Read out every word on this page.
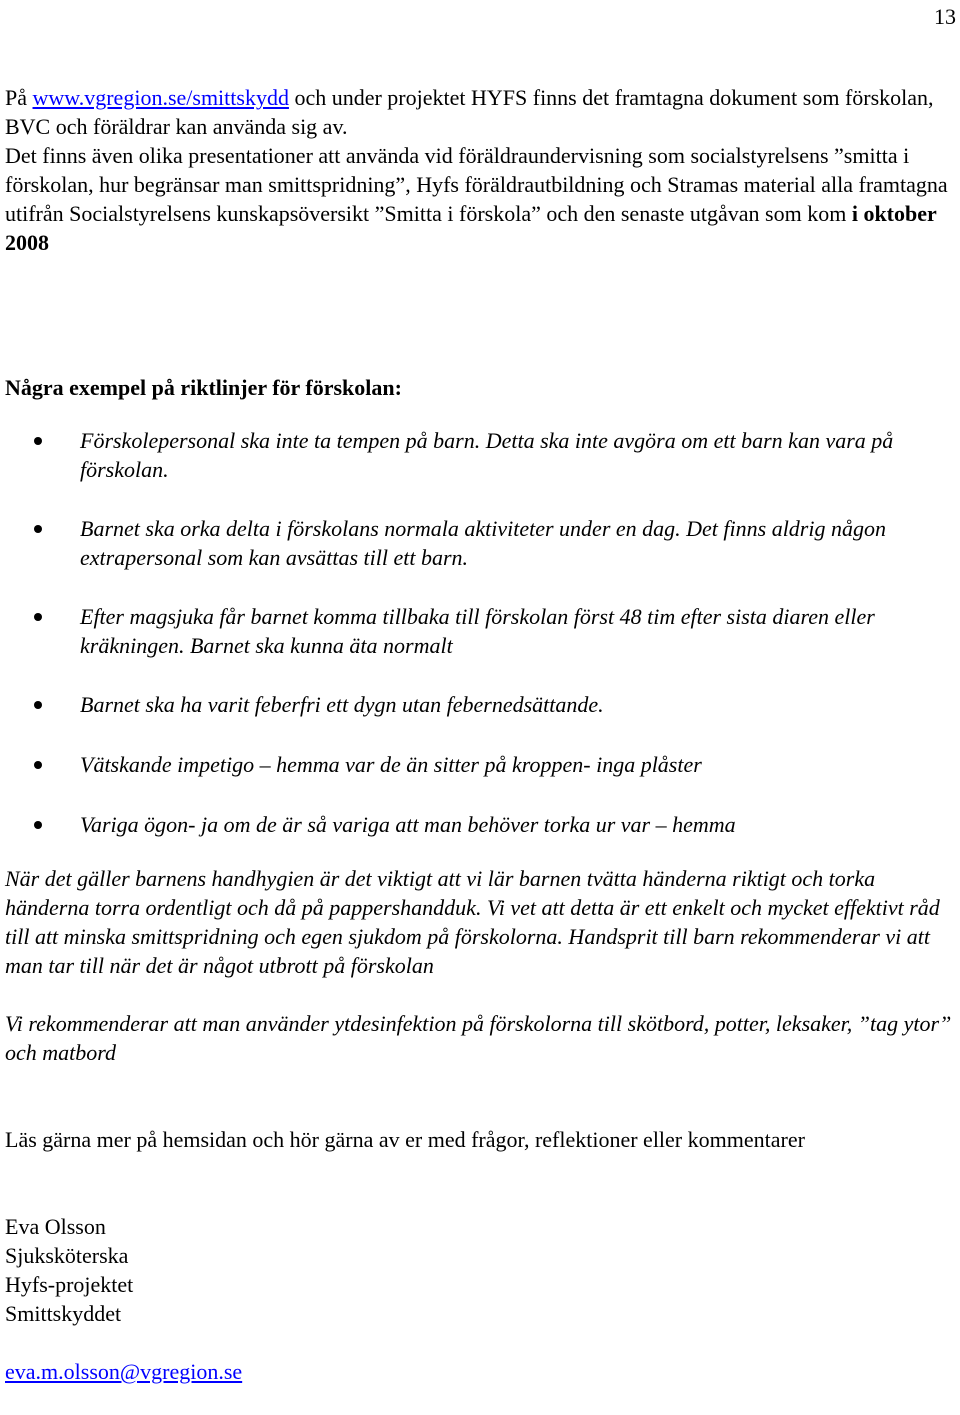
13

På www.vgregion.se/smittskydd och under projektet HYFS finns det framtagna dokument som förskolan, BVC och föräldrar kan använda sig av.

Det finns även olika presentationer att använda vid föräldraundervisning som socialstyrelsens ”smitta i förskolan, hur begränsar man smittspridning”, Hyfs föräldrautbildning och Stramas material alla framtagna utifrån Socialstyrelsens kunskapsöversikt ”Smitta i förskola” och den senaste utgåvan som kom i oktober 2008

Några exempel på riktlinjer för förskolan:

Förskolepersonal ska inte ta tempen på barn. Detta ska inte avgöra om ett barn kan vara på förskolan.
Barnet ska orka delta i förskolans normala aktiviteter under en dag. Det finns aldrig någon extrapersonal som kan avsättas till ett barn.
Efter magsjuka får barnet komma tillbaka till förskolan först 48 tim efter sista diaren eller kräkningen. Barnet ska kunna äta normalt
Barnet ska ha varit feberfri ett dygn utan febernedsättande.
Vätskande impetigo – hemma var de än sitter på kroppen- inga plåster
Variga ögon- ja om de är så variga att man behöver torka ur var – hemma

När det gäller barnens handhygien är det viktigt att vi lär barnen tvätta händerna riktigt och torka händerna torra ordentligt och då på pappershandduk. Vi vet att detta är ett enkelt och mycket effektivt råd till att minska smittspridning och egen sjukdom på förskolorna. Handsprit till barn rekommenderar vi att man tar till när det är något utbrott på förskolan

Vi rekommenderar att man använder ytdesinfektion på förskolorna till skötbord, potter, leksaker, ”tag ytor” och matbord

Läs gärna mer på hemsidan och hör gärna av er med frågor, reflektioner eller kommentarer

Eva Olsson

Sjuksköterska

Hyfs-projektet

Smittskyddet

eva.m.olsson@vgregion.se
